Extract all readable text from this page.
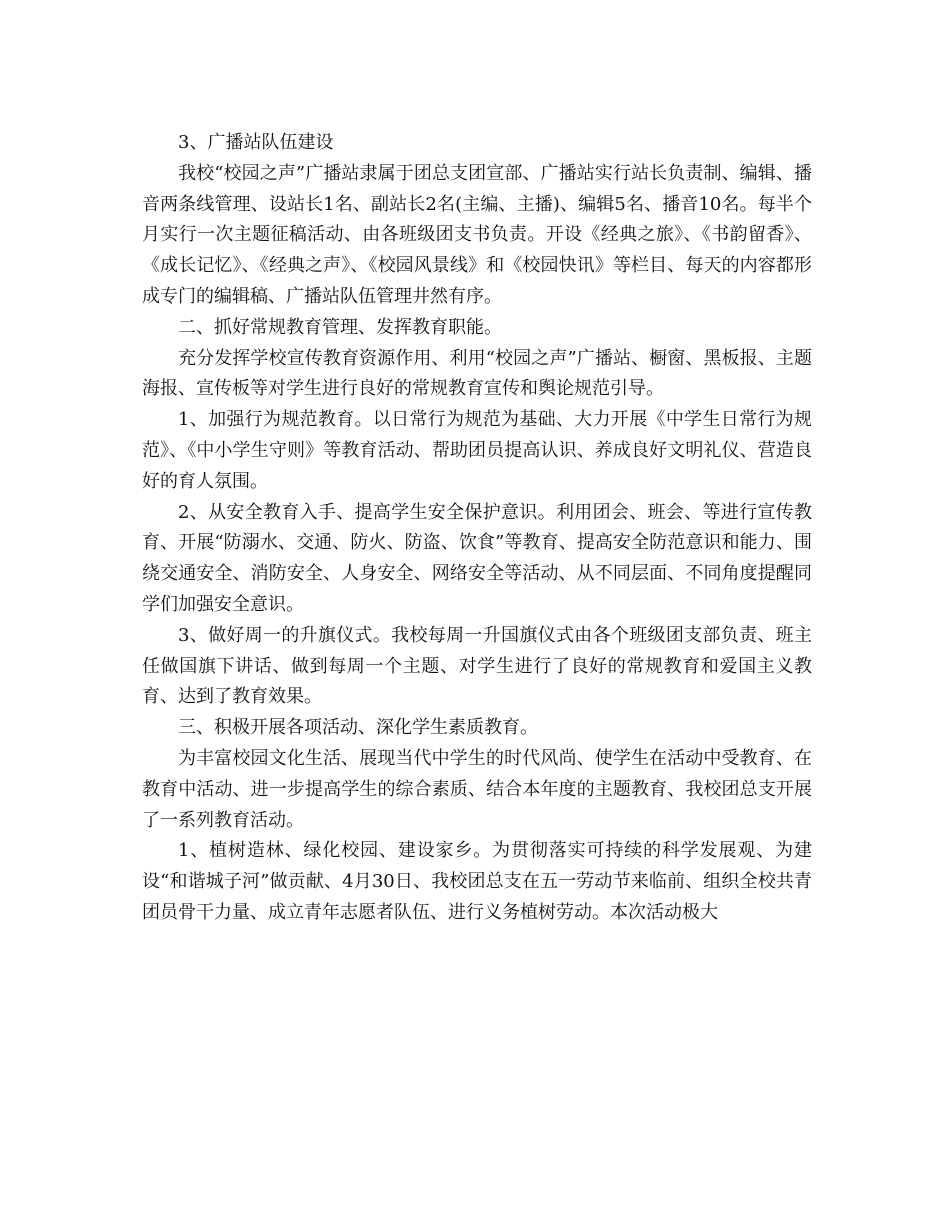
3、广播站队伍建设

我校“校园之声”广播站隶属于团总支团宣部、广播站实行站长负责制、编辑、播音两条线管理、设站长1名、副站长2名(主编、主播)、编辑5名、播音10名。每半个月实行一次主题征稿活动、由各班级团支书负责。开设《经典之旅》、《书韵留香》、《成长记忆》、《经典之声》、《校园风景线》和《校园快讯》等栏目、每天的内容都形成专门的编辑稿、广播站队伍管理井然有序。

二、抓好常规教育管理、发挥教育职能。

充分发挥学校宣传教育资源作用、利用“校园之声”广播站、橱窗、黑板报、主题海报、宣传板等对学生进行良好的常规教育宣传和舆论规范引导。

1、加强行为规范教育。以日常行为规范为基础、大力开展《中学生日常行为规范》、《中小学生守则》等教育活动、帮助团员提高认识、养成良好文明礼仪、营造良好的育人氛围。

2、从安全教育入手、提高学生安全保护意识。利用团会、班会、等进行宣传教育、开展“防溺水、交通、防火、防盗、饮食”等教育、提高安全防范意识和能力、围绕交通安全、消防安全、人身安全、网络安全等活动、从不同层面、不同角度提醒同学们加强安全意识。

3、做好周一的升旗仪式。我校每周一升国旗仪式由各个班级团支部负责、班主任做国旗下讲话、做到每周一个主题、对学生进行了良好的常规教育和爱国主义教育、达到了教育效果。

三、积极开展各项活动、深化学生素质教育。

为丰富校园文化生活、展现当代中学生的时代风尚、使学生在活动中受教育、在教育中活动、进一步提高学生的综合素质、结合本年度的主题教育、我校团总支开展了一系列教育活动。

1、植树造林、绿化校园、建设家乡。为贯彻落实可持续的科学发展观、为建设“和谐城子河”做贡献、4月30日、我校团总支在五一劳动节来临前、组织全校共青团员骨干力量、成立青年志愿者队伍、进行义务植树劳动。本次活动极大
